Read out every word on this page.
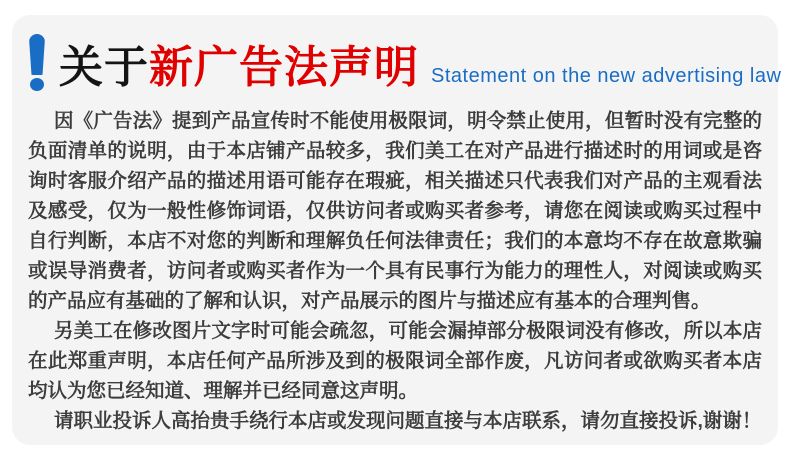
关于新广告法声明 Statement on the new advertising law

因《广告法》提到产品宣传时不能使用极限词，明令禁止使用，但暂时没有完整的负面清单的说明，由于本店铺产品较多，我们美工在对产品进行描述时的用词或是咨询时客服介绍产品的描述用语可能存在瑕疵，相关描述只代表我们对产品的主观看法及感受，仅为一般性修饰词语，仅供访问者或购买者参考，请您在阅读或购买过程中自行判断，本店不对您的判断和理解负任何法律责任；我们的本意均不存在故意欺骗或误导消费者，访问者或购买者作为一个具有民事行为能力的理性人，对阅读或购买的产品应有基础的了解和认识，对产品展示的图片与描述应有基本的合理判售。

另美工在修改图片文字时可能会疏忽，可能会漏掉部分极限词没有修改，所以本店在此郑重声明，本店任何产品所涉及到的极限词全部作废，凡访问者或欲购买者本店均认为您已经知道、理解并已经同意这声明。

请职业投诉人高抬贵手绕行本店或发现问题直接与本店联系，请勿直接投诉,谢谢！
